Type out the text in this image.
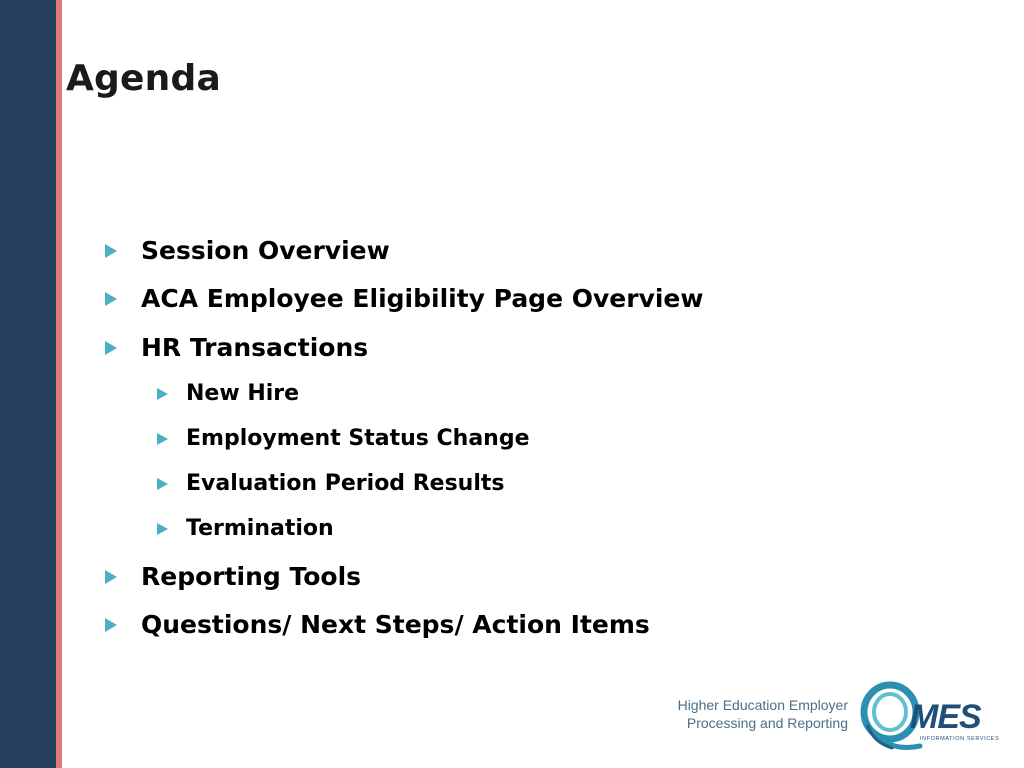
Agenda
Session Overview
ACA Employee Eligibility Page Overview
HR Transactions
New Hire
Employment Status Change
Evaluation Period Results
Termination
Reporting Tools
Questions/ Next Steps/ Action Items
Higher Education Employer
Processing and Reporting MES
INFORMATION SERVICES
